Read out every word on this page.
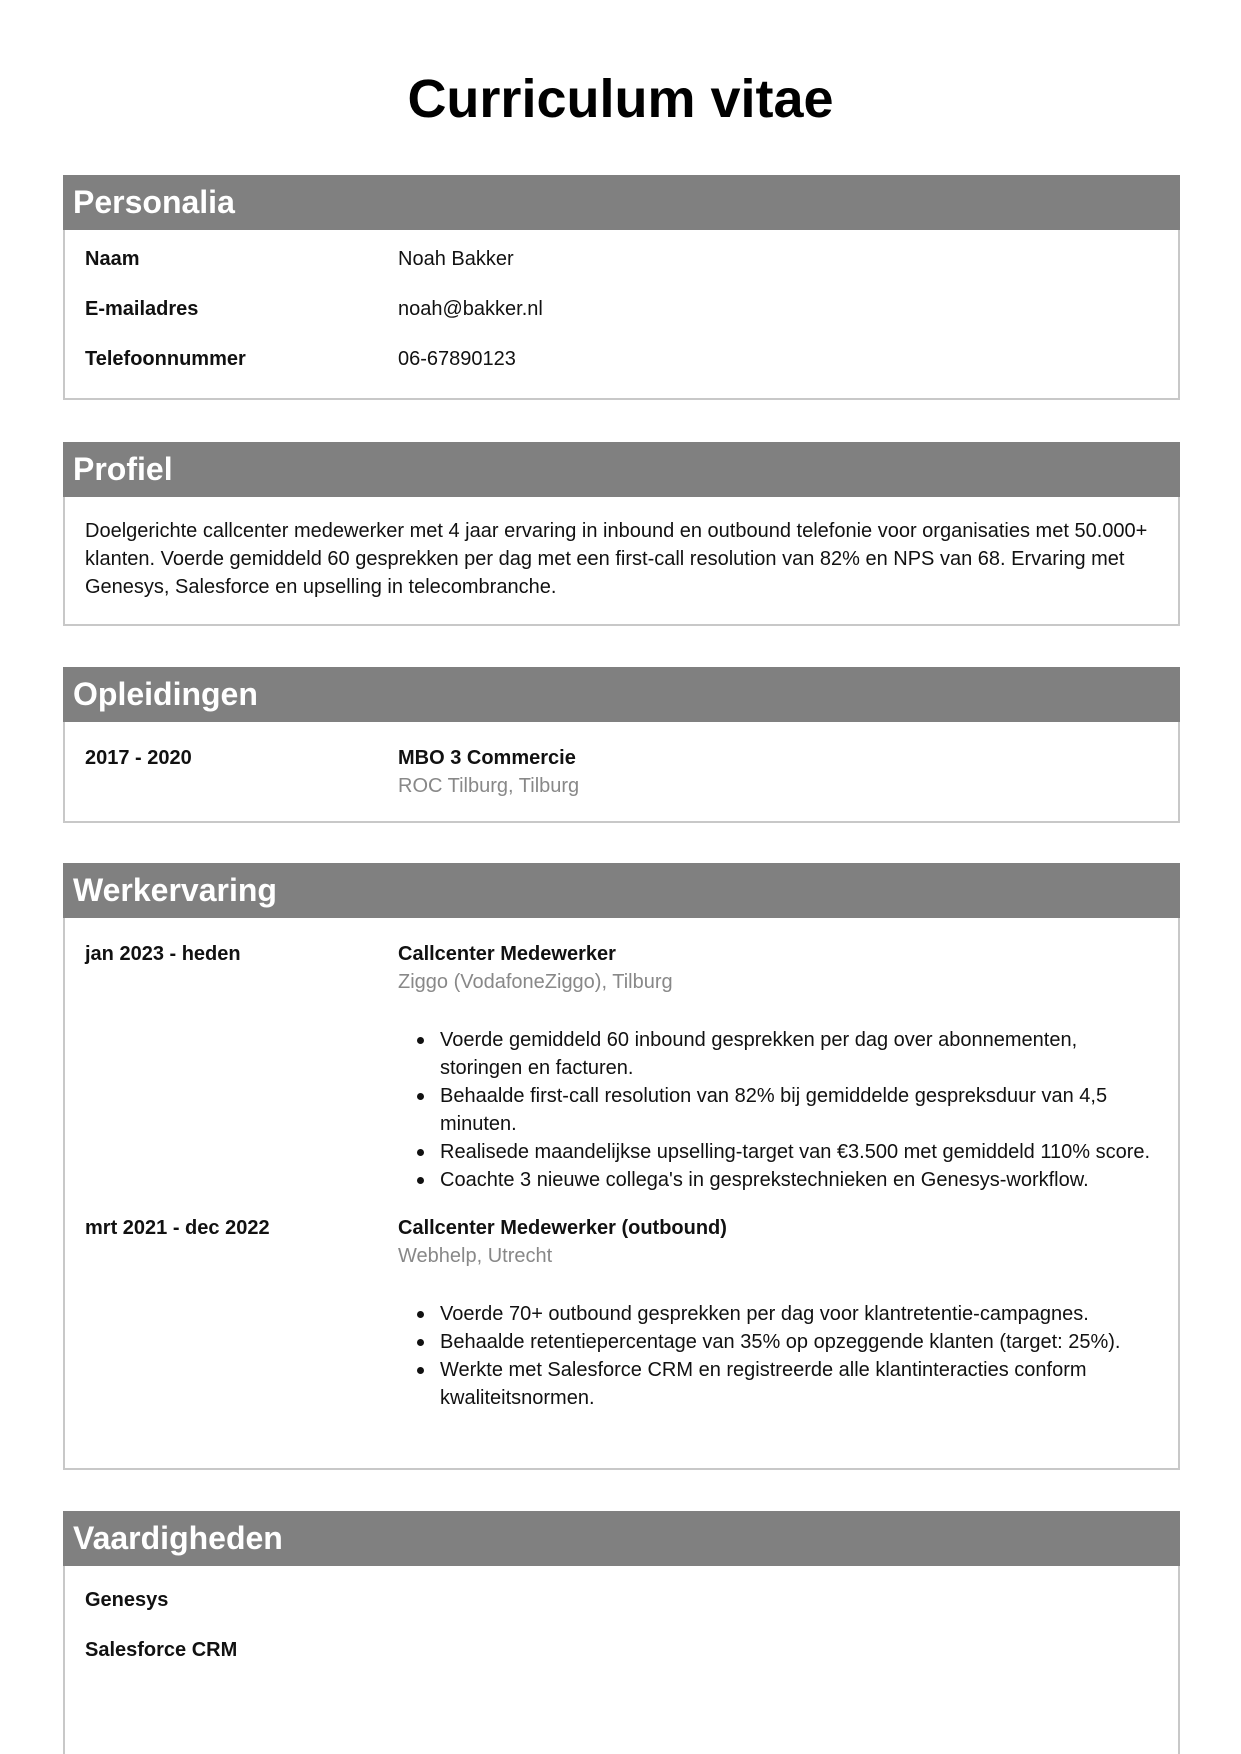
Curriculum vitae
Personalia
Naam	Noah Bakker
E-mailadres	noah@bakker.nl
Telefoonnummer	06-67890123
Profiel
Doelgerichte callcenter medewerker met 4 jaar ervaring in inbound en outbound telefonie voor organisaties met 50.000+ klanten. Voerde gemiddeld 60 gesprekken per dag met een first-call resolution van 82% en NPS van 68. Ervaring met Genesys, Salesforce en upselling in telecombranche.
Opleidingen
2017 - 2020	MBO 3 Commercie
ROC Tilburg, Tilburg
Werkervaring
jan 2023 - heden	Callcenter Medewerker
Ziggo (VodafoneZiggo), Tilburg
Voerde gemiddeld 60 inbound gesprekken per dag over abonnementen, storingen en facturen.
Behaalde first-call resolution van 82% bij gemiddelde gespreksduur van 4,5 minuten.
Realisede maandelijkse upselling-target van €3.500 met gemiddeld 110% score.
Coachte 3 nieuwe collega's in gesprekstechnieken en Genesys-workflow.
mrt 2021 - dec 2022	Callcenter Medewerker (outbound)
Webhelp, Utrecht
Voerde 70+ outbound gesprekken per dag voor klantretentie-campagnes.
Behaalde retentiepercentage van 35% op opzeggende klanten (target: 25%).
Werkte met Salesforce CRM en registreerde alle klantinteracties conform kwaliteitsnormen.
Vaardigheden
Genesys
Salesforce CRM
